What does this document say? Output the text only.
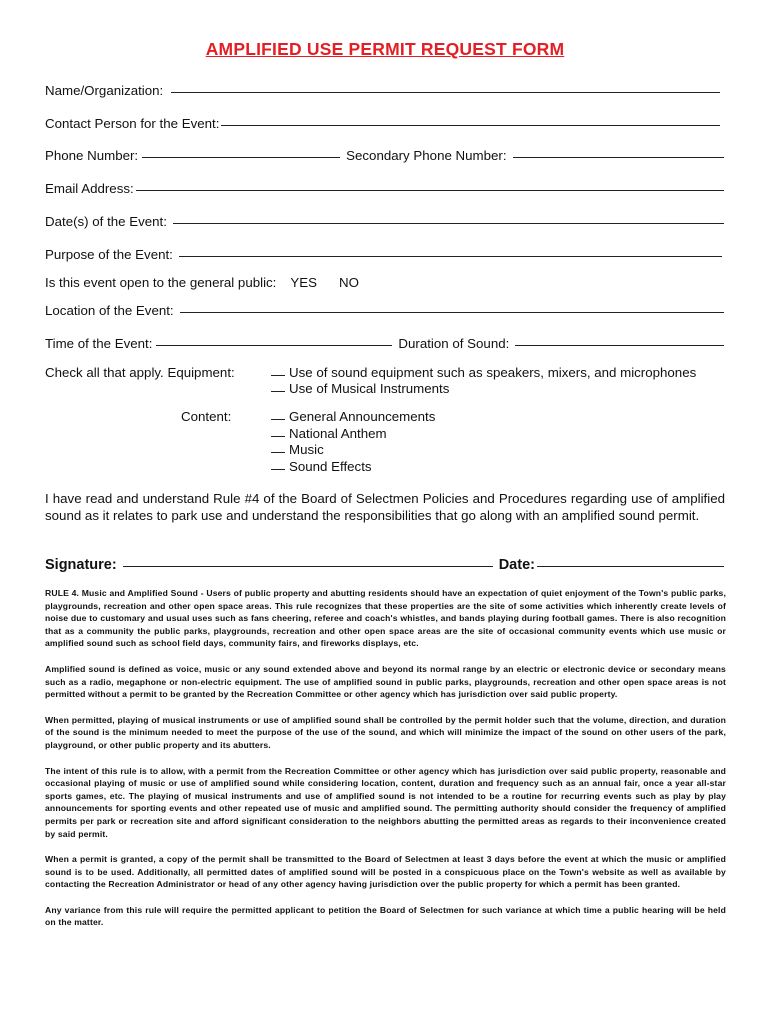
AMPLIFIED USE PERMIT REQUEST FORM
Name/Organization:
Contact Person for the Event:
Phone Number:	Secondary Phone Number:
Email Address:
Date(s) of the Event:
Purpose of the Event:
Is this event open to the general public: YES NO
Location of the Event:
Time of the Event:	Duration of Sound:
Check all that apply. Equipment:	Use of sound equipment such as speakers, mixers, and microphones
Use of Musical Instruments
Content:	General Announcements
National Anthem
Music
Sound Effects

I have read and understand Rule #4 of the Board of Selectmen Policies and Procedures regarding use of amplified sound as it relates to park use and understand the responsibilities that go along with an amplified sound permit.

Signature:	Date:

RULE 4. Music and Amplified Sound - Users of public property and abutting residents should have an expectation of quiet enjoyment of the Town's public parks, playgrounds, recreation and other open space areas. This rule recognizes that these properties are the site of some activities which inherently create levels of noise due to customary and usual uses such as fans cheering, referee and coach's whistles, and bands playing during football games. There is also recognition that as a community the public parks, playgrounds, recreation and other open space areas are the site of occasional community events which use music or amplified sound such as school field days, community fairs, and fireworks displays, etc.

Amplified sound is defined as voice, music or any sound extended above and beyond its normal range by an electric or electronic device or secondary means such as a radio, megaphone or non-electric equipment. The use of amplified sound in public parks, playgrounds, recreation and other open space areas is not permitted without a permit to be granted by the Recreation Committee or other agency which has jurisdiction over said public property.

When permitted, playing of musical instruments or use of amplified sound shall be controlled by the permit holder such that the volume, direction, and duration of the sound is the minimum needed to meet the purpose of the use of the sound, and which will minimize the impact of the sound on other users of the park, playground, or other public property and its abutters.

The intent of this rule is to allow, with a permit from the Recreation Committee or other agency which has jurisdiction over said public property, reasonable and occasional playing of music or use of amplified sound while considering location, content, duration and frequency such as an annual fair, once a year all-star sports games, etc. The playing of musical instruments and use of amplified sound is not intended to be a routine for recurring events such as play by play announcements for sporting events and other repeated use of music and amplified sound. The permitting authority should consider the frequency of amplified permits per park or recreation site and afford significant consideration to the neighbors abutting the permitted areas as regards to their inconvenience created by said permit.

When a permit is granted, a copy of the permit shall be transmitted to the Board of Selectmen at least 3 days before the event at which the music or amplified sound is to be used. Additionally, all permitted dates of amplified sound will be posted in a conspicuous place on the Town's website as well as available by contacting the Recreation Administrator or head of any other agency having jurisdiction over the public property for which a permit has been granted.

Any variance from this rule will require the permitted applicant to petition the Board of Selectmen for such variance at which time a public hearing will be held on the matter.
